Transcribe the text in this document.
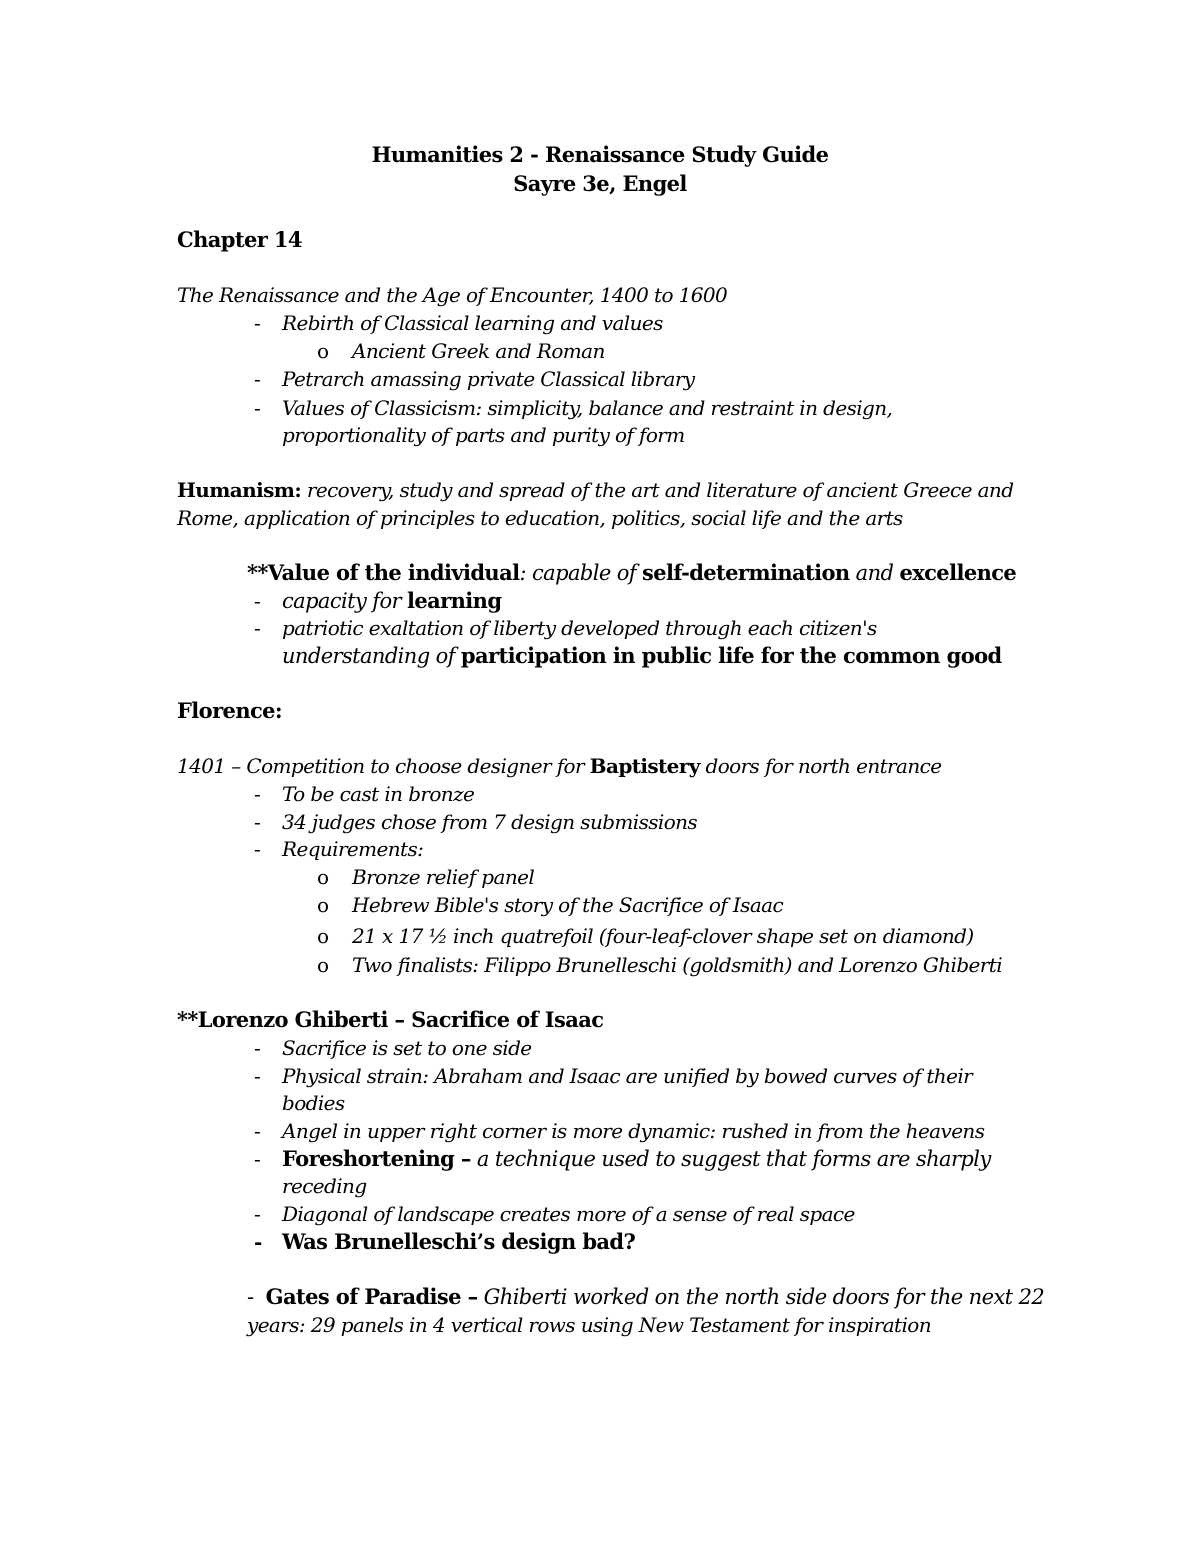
Humanities 2 - Renaissance Study Guide
Sayre 3e, Engel
Chapter 14
The Renaissance and the Age of Encounter, 1400 to 1600
- Rebirth of Classical learning and values
o Ancient Greek and Roman
- Petrarch amassing private Classical library
- Values of Classicism: simplicity, balance and restraint in design,
proportionality of parts and purity of form
Humanism: recovery, study and spread of the art and literature of ancient Greece and
Rome, application of principles to education, politics, social life and the arts
**Value of the individual: capable of self-determination and excellence
- capacity for learning
- patriotic exaltation of liberty developed through each citizen's
understanding of participation in public life for the common good
Florence:
1401 – Competition to choose designer for Baptistery doors for north entrance
- To be cast in bronze
- 34 judges chose from 7 design submissions
- Requirements:
o Bronze relief panel
o Hebrew Bible's story of the Sacrifice of Isaac
o 21 x 17 ½ inch quatrefoil (four-leaf-clover shape set on diamond)
o Two finalists: Filippo Brunelleschi (goldsmith) and Lorenzo Ghiberti
**Lorenzo Ghiberti – Sacrifice of Isaac
- Sacrifice is set to one side
- Physical strain: Abraham and Isaac are unified by bowed curves of their
bodies
- Angel in upper right corner is more dynamic: rushed in from the heavens
- Foreshortening – a technique used to suggest that forms are sharply
receding
- Diagonal of landscape creates more of a sense of real space
- Was Brunelleschi’s design bad?
- Gates of Paradise – Ghiberti worked on the north side doors for the next 22
years: 29 panels in 4 vertical rows using New Testament for inspiration
